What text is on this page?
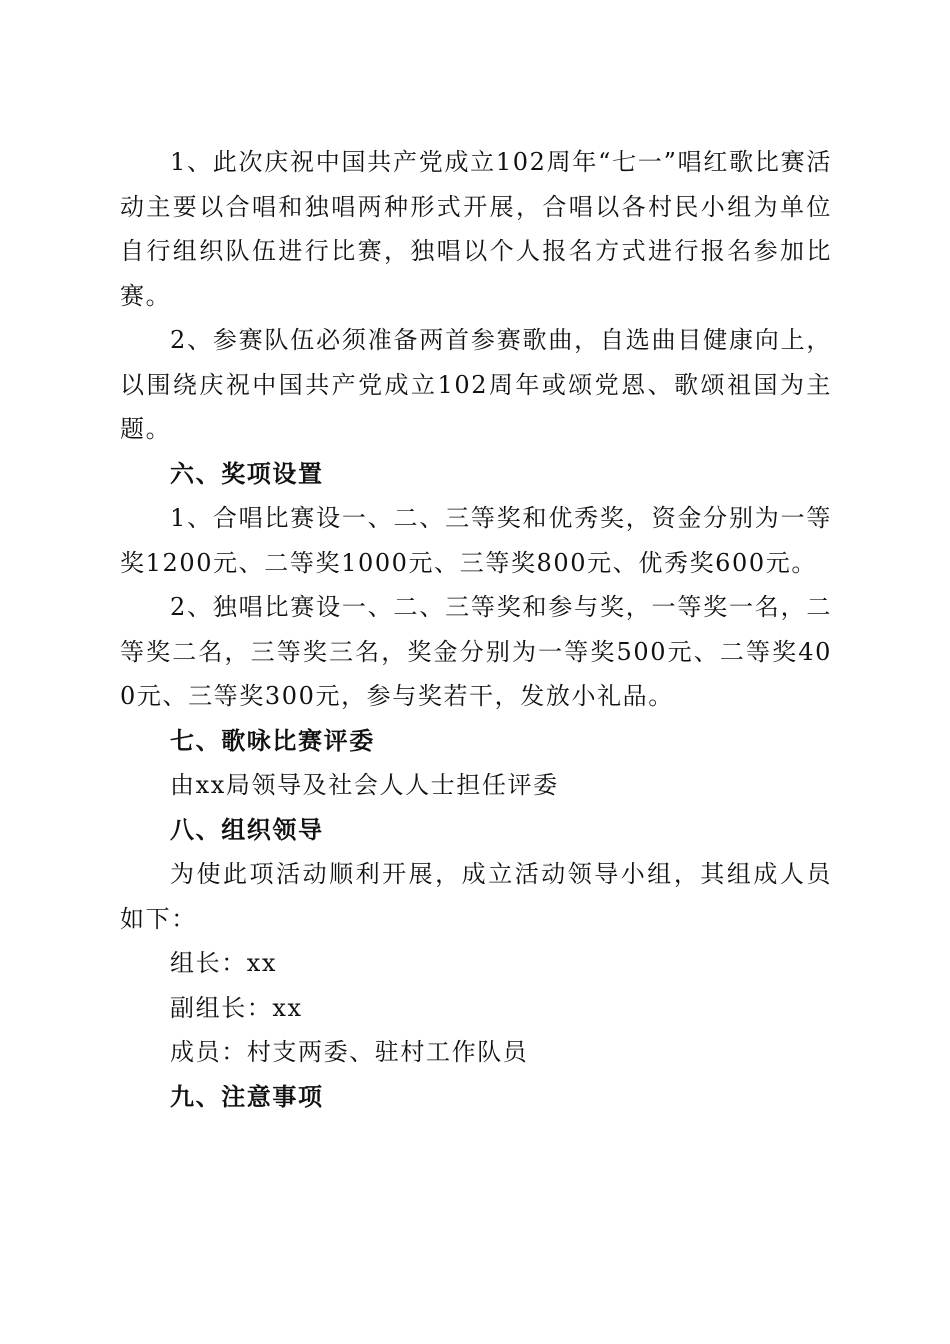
1、此次庆祝中国共产党成立102周年“七一”唱红歌比赛活动主要以合唱和独唱两种形式开展，合唱以各村民小组为单位自行组织队伍进行比赛，独唱以个人报名方式进行报名参加比赛。

2、参赛队伍必须准备两首参赛歌曲，自选曲目健康向上，以围绕庆祝中国共产党成立102周年或颂党恩、歌颂祖国为主题。

六、奖项设置

1、合唱比赛设一、二、三等奖和优秀奖，资金分别为一等奖1200元、二等奖1000元、三等奖800元、优秀奖600元。

2、独唱比赛设一、二、三等奖和参与奖，一等奖一名，二等奖二名，三等奖三名，奖金分别为一等奖500元、二等奖400元、三等奖300元，参与奖若干，发放小礼品。

七、歌咏比赛评委

由xx局领导及社会人人士担任评委

八、组织领导

为使此项活动顺利开展，成立活动领导小组，其组成人员如下：

组长：xx

副组长：xx

成员：村支两委、驻村工作队员

九、注意事项
